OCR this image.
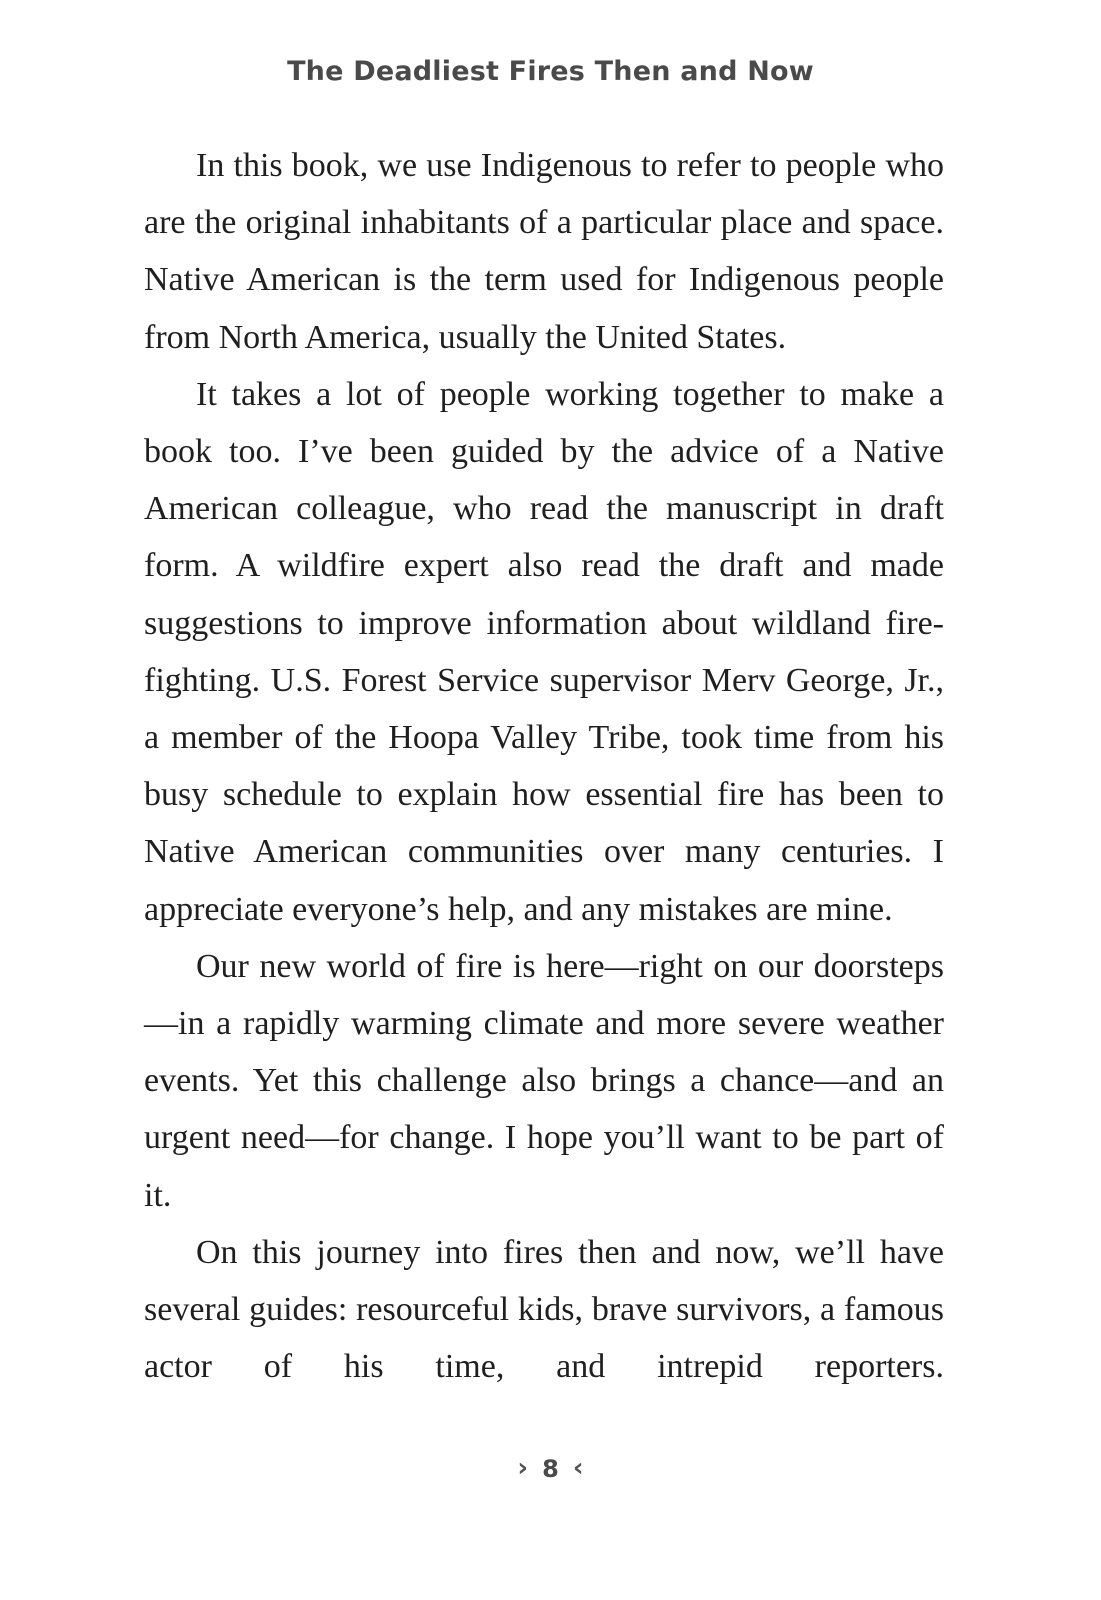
The Deadliest Fires Then and Now

In this book, we use Indigenous to refer to people who are the original inhabitants of a particular place and space. Native American is the term used for Indigenous people from North America, usually the United States.

It takes a lot of people working together to make a book too. I’ve been guided by the advice of a Native American colleague, who read the manuscript in draft form. A wildfire expert also read the draft and made suggestions to improve information about wildland firefighting. U.S. Forest Service supervisor Merv George, Jr., a member of the Hoopa Valley Tribe, took time from his busy schedule to explain how essential fire has been to Native American communities over many centuries. I appreciate everyone’s help, and any mistakes are mine.

Our new world of fire is here—right on our doorsteps—in a rapidly warming climate and more severe weather events. Yet this challenge also brings a chance—and an urgent need—for change. I hope you’ll want to be part of it.

On this journey into fires then and now, we’ll have several guides: resourceful kids, brave survivors, a famous actor of his time, and intrepid reporters.

› 8 ‹
